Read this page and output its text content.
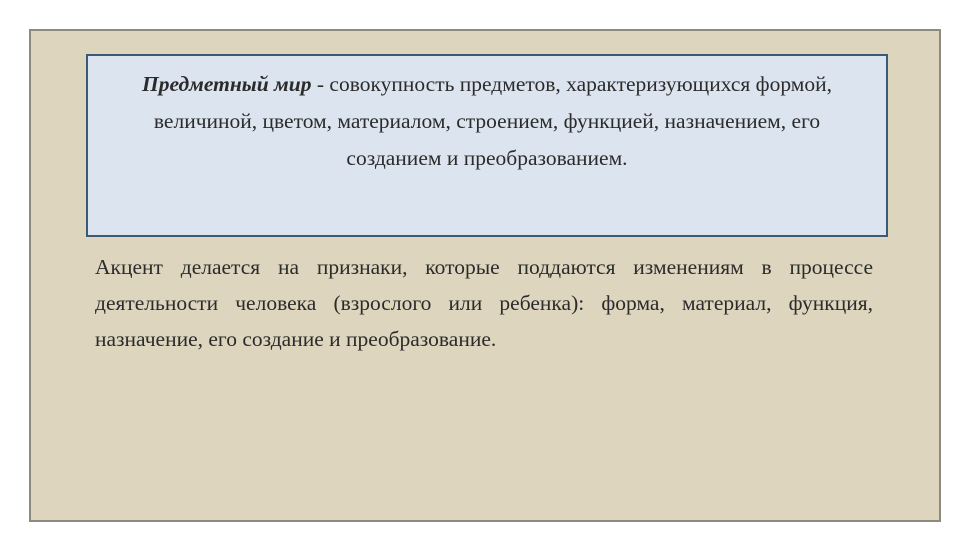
Предметный мир - совокупность предметов, характеризующихся формой, величиной, цветом, материалом, строением, функцией, назначением, его созданием и преобразованием.
Акцент делается на признаки, которые поддаются изменениям в процессе деятельности человека (взрослого или ребенка): форма, материал, функция, назначение, его создание и преобразование.
